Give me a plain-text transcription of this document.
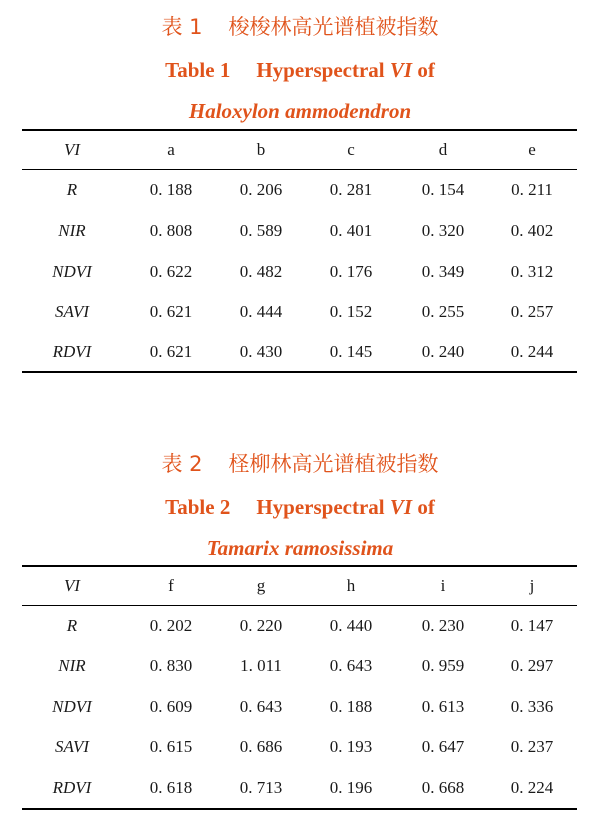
表 1 梭梭林高光谱植被指数
Table 1 Hyperspectral VI of
Haloxylon ammodendron
VI	a	b	c	d	e
R	0. 188	0. 206	0. 281	0. 154	0. 211
NIR	0. 808	0. 589	0. 401	0. 320	0. 402
NDVI	0. 622	0. 482	0. 176	0. 349	0. 312
SAVI	0. 621	0. 444	0. 152	0. 255	0. 257
RDVI	0. 621	0. 430	0. 145	0. 240	0. 244
表 2 柽柳林高光谱植被指数
Table 2 Hyperspectral VI of
Tamarix ramosissima
VI	f	g	h	i	j
R	0. 202	0. 220	0. 440	0. 230	0. 147
NIR	0. 830	1. 011	0. 643	0. 959	0. 297
NDVI	0. 609	0. 643	0. 188	0. 613	0. 336
SAVI	0. 615	0. 686	0. 193	0. 647	0. 237
RDVI	0. 618	0. 713	0. 196	0. 668	0. 224
